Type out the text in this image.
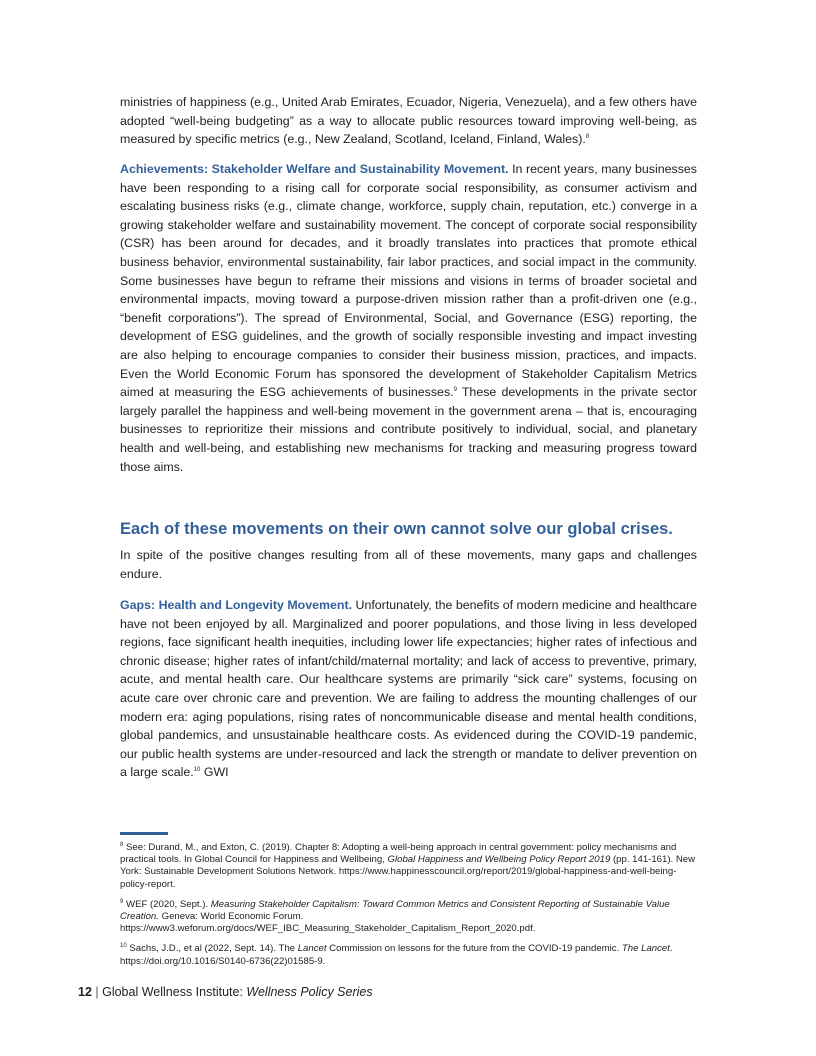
ministries of happiness (e.g., United Arab Emirates, Ecuador, Nigeria, Venezuela), and a few others have adopted “well-being budgeting” as a way to allocate public resources toward improving well-being, as measured by specific metrics (e.g., New Zealand, Scotland, Iceland, Finland, Wales).$^8$

Achievements: Stakeholder Welfare and Sustainability Movement. In recent years, many businesses have been responding to a rising call for corporate social responsibility, as consumer activism and escalating business risks (e.g., climate change, workforce, supply chain, reputation, etc.) converge in a growing stakeholder welfare and sustainability movement. The concept of corporate social responsibility (CSR) has been around for decades, and it broadly translates into practices that promote ethical business behavior, environmental sustainability, fair labor practices, and social impact in the community. Some businesses have begun to reframe their missions and visions in terms of broader societal and environmental impacts, moving toward a purpose-driven mission rather than a profit-driven one (e.g., “benefit corporations”). The spread of Environmental, Social, and Governance (ESG) reporting, the development of ESG guidelines, and the growth of socially responsible investing and impact investing are also helping to encourage companies to consider their business mission, practices, and impacts. Even the World Economic Forum has sponsored the development of Stakeholder Capitalism Metrics aimed at measuring the ESG achievements of businesses.$^9$ These developments in the private sector largely parallel the happiness and well-being movement in the government arena – that is, encouraging businesses to reprioritize their missions and contribute positively to individual, social, and planetary health and well-being, and establishing new mechanisms for tracking and measuring progress toward those aims.

Each of these movements on their own cannot solve our global crises.

In spite of the positive changes resulting from all of these movements, many gaps and challenges endure.

Gaps: Health and Longevity Movement. Unfortunately, the benefits of modern medicine and healthcare have not been enjoyed by all. Marginalized and poorer populations, and those living in less developed regions, face significant health inequities, including lower life expectancies; higher rates of infectious and chronic disease; higher rates of infant/child/maternal mortality; and lack of access to preventive, primary, acute, and mental health care. Our healthcare systems are primarily “sick care” systems, focusing on acute care over chronic care and prevention. We are failing to address the mounting challenges of our modern era: aging populations, rising rates of noncommunicable disease and mental health conditions, global pandemics, and unsustainable healthcare costs. As evidenced during the COVID-19 pandemic, our public health systems are under-resourced and lack the strength or mandate to deliver prevention on a large scale.$^{10}$ GWI

$^8$ See: Durand, M., and Exton, C. (2019). Chapter 8: Adopting a well-being approach in central government: policy mechanisms and practical tools. In Global Council for Happiness and Wellbeing, Global Happiness and Wellbeing Policy Report 2019 (pp. 141-161). New York: Sustainable Development Solutions Network. https://www.happinesscouncil.org/report/2019/global-happiness-and-well-being-policy-report.

$^9$ WEF (2020, Sept.). Measuring Stakeholder Capitalism: Toward Common Metrics and Consistent Reporting of Sustainable Value Creation. Geneva: World Economic Forum. https://www3.weforum.org/docs/WEF_IBC_Measuring_Stakeholder_Capitalism_Report_2020.pdf.

$^{10}$ Sachs, J.D., et al (2022, Sept. 14). The Lancet Commission on lessons for the future from the COVID-19 pandemic. The Lancet. https://doi.org/10.1016/S0140-6736(22)01585-9.

12 | Global Wellness Institute: Wellness Policy Series
